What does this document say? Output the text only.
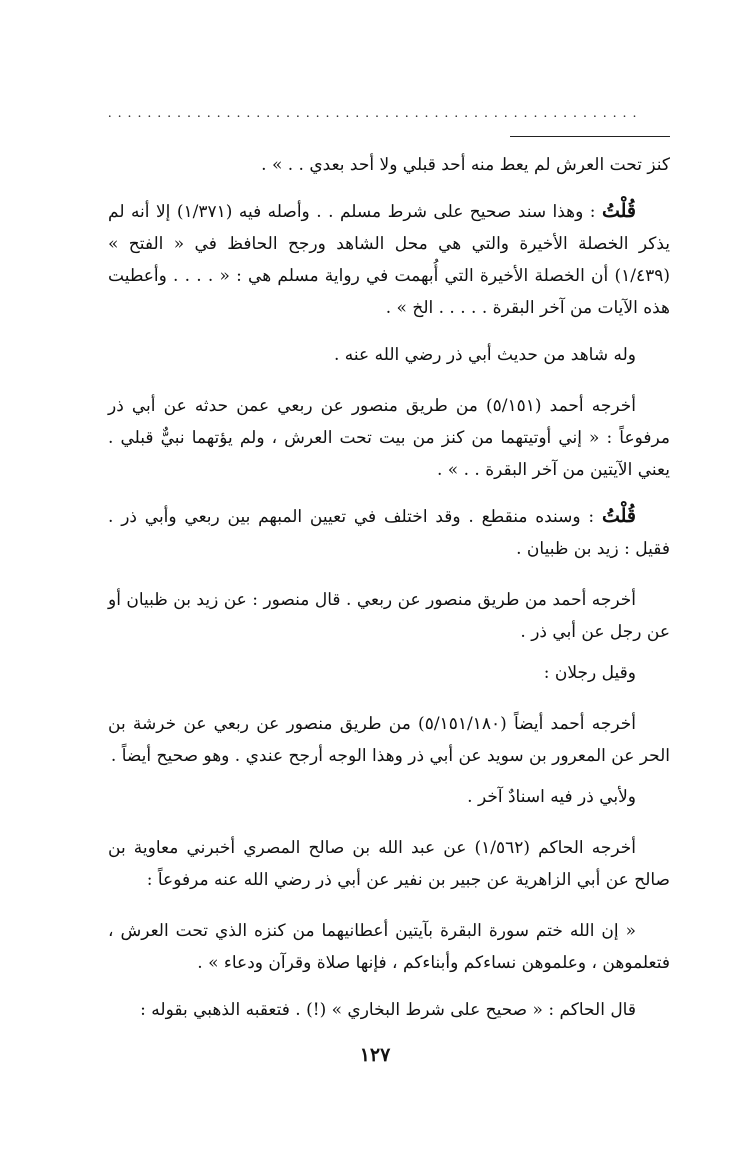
......................................................

كنز تحت العرش لم يعط منه أحد قبلي ولا أحد بعدي . . » .

قُلْتُ : وهذا سند صحيح على شرط مسلم . . وأصله فيه (١/٣٧١) إلا أنه لم يذكر الخصلة الأخيرة والتي هي محل الشاهد ورجح الحافظ في « الفتح » (١/٤٣٩) أن الخصلة الأخيرة التي أُبهمت في رواية مسلم هي : « . . . . وأعطيت هذه الآيات من آخر البقرة . . . . . الخ » .

وله شاهد من حديث أبي ذر رضي الله عنه .

أخرجه أحمد (٥/١٥١) من طريق منصور عن ربعي عمن حدثه عن أبي ذر مرفوعاً : « إني أوتيتهما من كنز من بيت تحت العرش ، ولم يؤتهما نبيٌّ قبلي . يعني الآيتين من آخر البقرة . . » .

قُلْتُ : وسنده منقطع . وقد اختلف في تعيين المبهم بين ربعي وأبي ذر . فقيل : زيد بن ظبيان .

أخرجه أحمد من طريق منصور عن ربعي . قال منصور : عن زيد بن ظبيان أو عن رجل عن أبي ذر .

وقيل رجلان :

أخرجه أحمد أيضاً (٥/١٥١/١٨٠) من طريق منصور عن ربعي عن خرشة بن الحر عن المعرور بن سويد عن أبي ذر وهذا الوجه أرجح عندي . وهو صحيح أيضاً .

ولأبي ذر فيه اسنادٌ آخر .

أخرجه الحاكم (١/٥٦٢) عن عبد الله بن صالح المصري أخبرني معاوية بن صالح عن أبي الزاهرية عن جبير بن نفير عن أبي ذر رضي الله عنه مرفوعاً :

« إن الله ختم سورة البقرة بآيتين أعطانيهما من كنزه الذي تحت العرش ، فتعلموهن ، وعلموهن نساءكم وأبناءكم ، فإنها صلاة وقرآن ودعاء » .

قال الحاكم : « صحيح على شرط البخاري » (!) . فتعقبه الذهبي بقوله :

١٢٧
